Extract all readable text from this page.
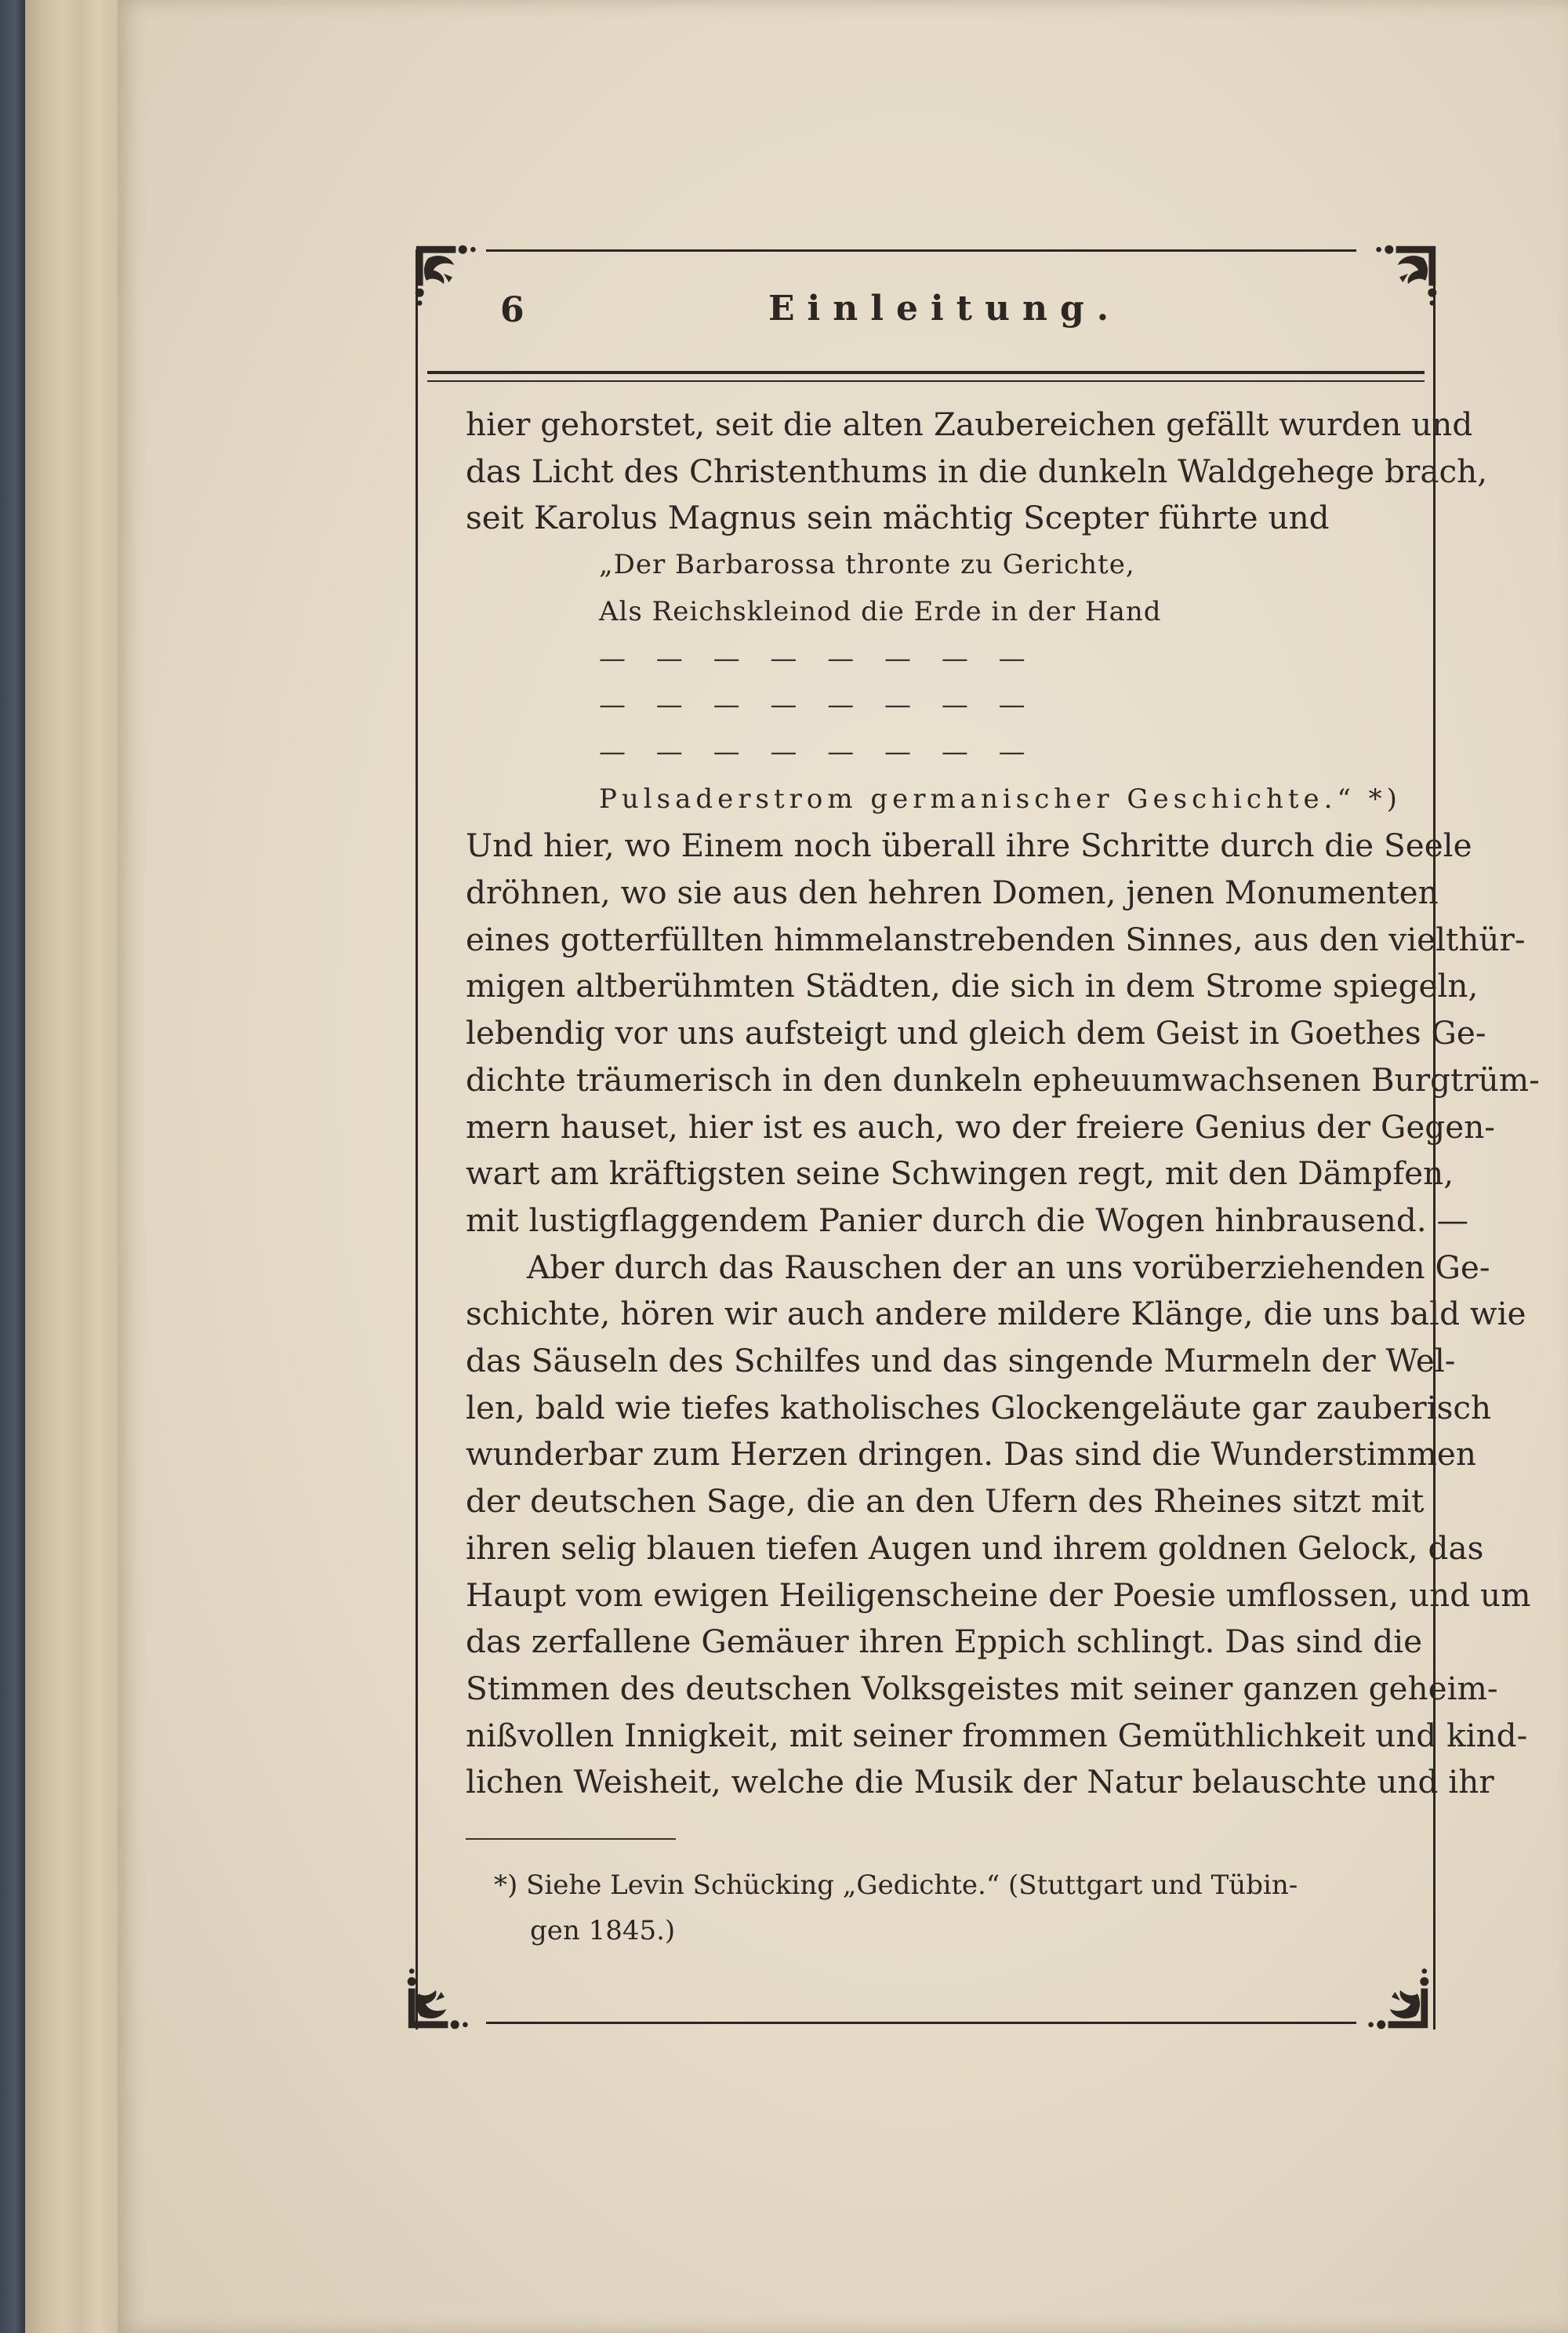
6	Einleitung.
hier gehorstet, seit die alten Zaubereichen gefällt wurden und
das Licht des Christenthums in die dunkeln Waldgehege brach,
seit Karolus Magnus sein mächtig Scepter führte und
„Der Barbarossa thronte zu Gerichte,
Als Reichskleinod die Erde in der Hand
— — — — — — — —
— — — — — — — —
— — — — — — — —
Pulsaderstrom germanischer Geschichte.“ *)
Und hier, wo Einem noch überall ihre Schritte durch die Seele
dröhnen, wo sie aus den hehren Domen, jenen Monumenten
eines gotterfüllten himmelanstrebenden Sinnes, aus den vielthür-
migen altberühmten Städten, die sich in dem Strome spiegeln,
lebendig vor uns aufsteigt und gleich dem Geist in Goethes Ge-
dichte träumerisch in den dunkeln epheuumwachsenen Burgtrüm-
mern hauset, hier ist es auch, wo der freiere Genius der Gegen-
wart am kräftigsten seine Schwingen regt, mit den Dämpfen,
mit lustigflaggendem Panier durch die Wogen hinbrausend. —
Aber durch das Rauschen der an uns vorüberziehenden Ge-
schichte, hören wir auch andere mildere Klänge, die uns bald wie
das Säuseln des Schilfes und das singende Murmeln der Wel-
len, bald wie tiefes katholisches Glockengeläute gar zauberisch
wunderbar zum Herzen dringen. Das sind die Wunderstimmen
der deutschen Sage, die an den Ufern des Rheines sitzt mit
ihren selig blauen tiefen Augen und ihrem goldnen Gelock, das
Haupt vom ewigen Heiligenscheine der Poesie umflossen, und um
das zerfallene Gemäuer ihren Eppich schlingt. Das sind die
Stimmen des deutschen Volksgeistes mit seiner ganzen geheim-
nißvollen Innigkeit, mit seiner frommen Gemüthlichkeit und kind-
lichen Weisheit, welche die Musik der Natur belauschte und ihr
*) Siehe Levin Schücking „Gedichte.“ (Stuttgart und Tübin-
gen 1845.)
